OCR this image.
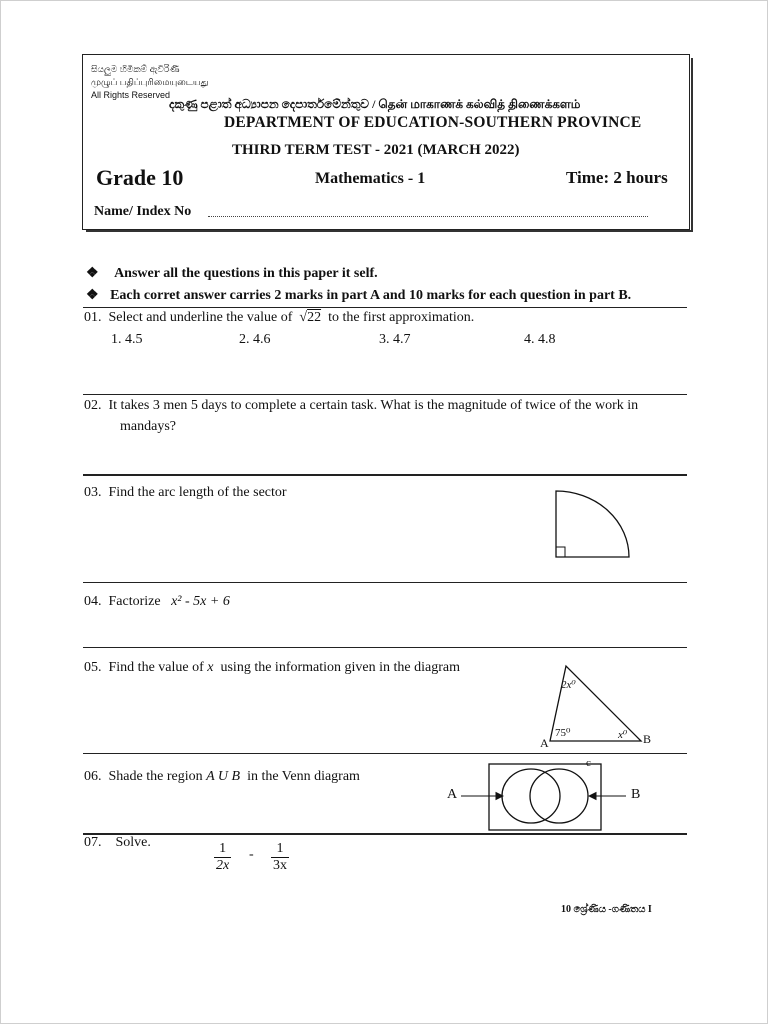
සියලුම හිමිකම් ඇවිරිණි
முழுப் பதிப்புரிமையுடையது
All Rights Reserved
දකුණු පළාත් අධ්‍යාපන දෙපාර්තමේන්තුව / தென் மாகாணக் கல்வித் திணைக்களம்
DEPARTMENT OF EDUCATION-SOUTHERN PROVINCE
THIRD TERM TEST - 2021 (MARCH 2022)
Grade 10	Mathematics - 1	Time: 2 hours
Name/ Index No
❖ Answer all the questions in this paper it self.
❖ Each corret answer carries 2 marks in part A and 10 marks for each question in part B.
01. Select and underline the value of √22 to the first approximation.
1. 4.5	2. 4.6	3. 4.7	4. 4.8
02. It takes 3 men 5 days to complete a certain task. What is the magnitude of twice of the work in
mandays?
03. Find the arc length of the sector
04. Factorize x² - 5x + 6
05. Find the value of x using the information given in the diagram
2x⁰
75⁰	x⁰
A	B
06. Shade the region A U B in the Venn diagram
c
A	B
07. Solve.	$\frac{1}{2x} - \frac{1}{3x}$
10 ශ්‍රේණිය -ගණිතය I
